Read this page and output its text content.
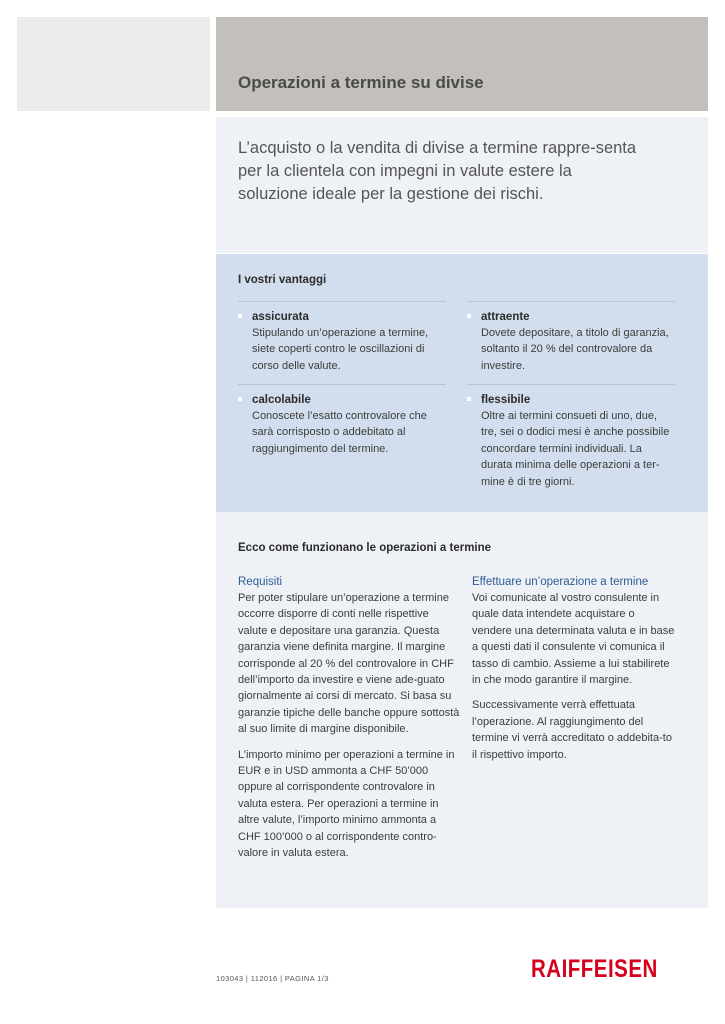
Operazioni a termine su divise

L’acquisto o la vendita di divise a termine rappre-senta per la clientela con impegni in valute estere la soluzione ideale per la gestione dei rischi.

I vostri vantaggi
assicurata
Stipulando un’operazione a termine, siete coperti contro le oscillazioni di corso delle valute.
attraente
Dovete depositare, a titolo di garanzia, soltanto il 20 % del controvalore da investire.
calcolabile
Conoscete l’esatto controvalore che sarà corrisposto o addebitato al raggiungimento del termine.
flessibile
Oltre ai termini consueti di uno, due, tre, sei o dodici mesi è anche possibile concordare termini individuali. La durata minima delle operazioni a ter-mine è di tre giorni.
Ecco come funzionano le operazioni a termine
Requisiti

Per poter stipulare un’operazione a termine occorre disporre di conti nelle rispettive valute e depositare una garanzia. Questa garanzia viene definita margine. Il margine corrisponde al 20 % del controvalore in CHF dell’importo da investire e viene ade-guato giornalmente ai corsi di mercato. Si basa su garanzie tipiche delle banche oppure sottostà al suo limite di margine disponibile.

L’importo minimo per operazioni a termine in EUR e in USD ammonta a CHF 50’000 oppure al corrispondente controvalore in valuta estera. Per operazioni a termine in altre valute, l’importo minimo ammonta a CHF 100’000 o al corrispondente contro-valore in valuta estera.

Effettuare un’operazione a termine

Voi comunicate al vostro consulente in quale data intendete acquistare o vendere una determinata valuta e in base a questi dati il consulente vi comunica il tasso di cambio. Assieme a lui stabilirete in che modo garantire il margine.

Successivamente verrà effettuata l’operazione. Al raggiungimento del termine vi verrà accreditato o addebita-to il rispettivo importo.

103043 | 112016 | PAGINA 1/3	RAIFFEISEN
